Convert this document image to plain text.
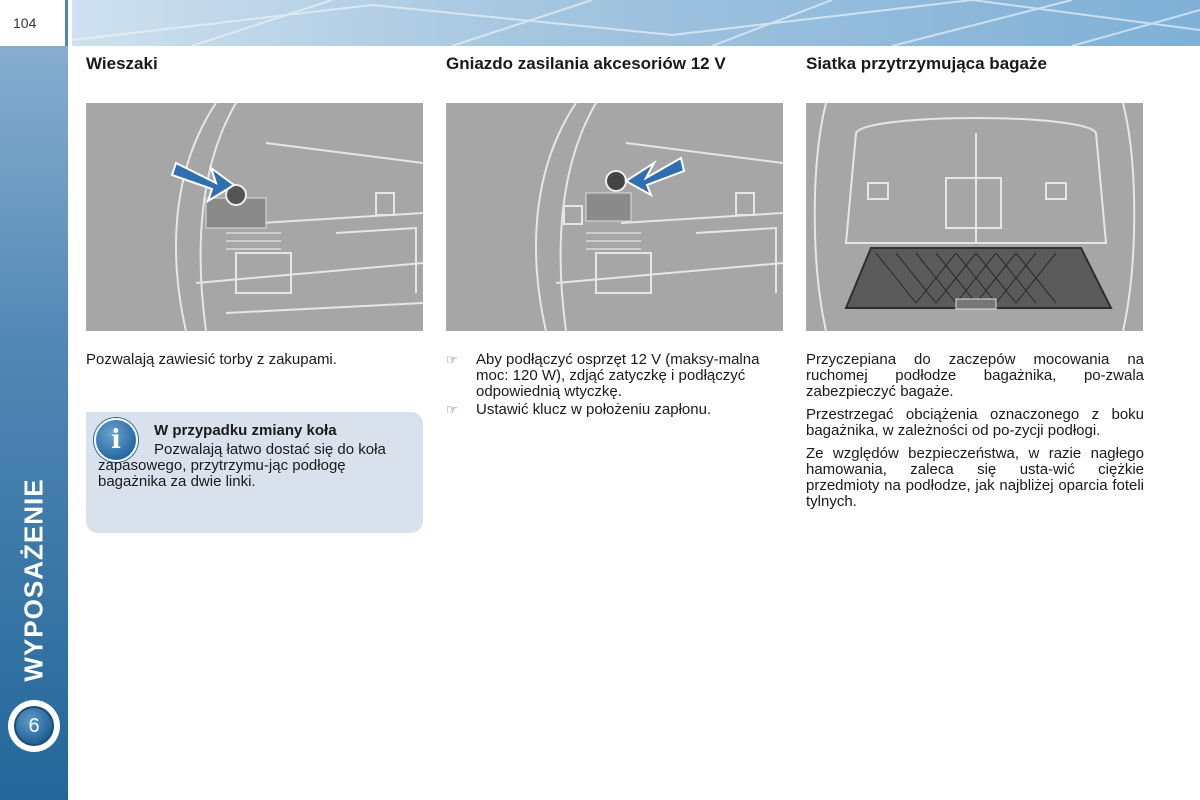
104
WYPOSAŻENIE
6
Wieszaki

Pozwalają zawiesić torby z zakupami.

i	W przypadku zmiany koła
Pozwalają łatwo dostać się do koła zapasowego, przytrzymu-jąc podłogę bagażnika za dwie linki.
Gniazdo zasilania akcesoriów 12 V
☞ Aby podłączyć osprzęt 12 V (maksy-malna moc: 120 W), zdjąć zatyczkę i podłączyć odpowiednią wtyczkę.
☞ Ustawić klucz w położeniu zapłonu.
Siatka przytrzymująca bagaże

Przyczepiana do zaczepów mocowania na ruchomej podłodze bagażnika, po-zwala zabezpieczyć bagaże.

Przestrzegać obciążenia oznaczonego z boku bagażnika, w zależności od po-zycji podłogi.

Ze względów bezpieczeństwa, w razie nagłego hamowania, zaleca się usta-wić ciężkie przedmioty na podłodze, jak najbliżej oparcia foteli tylnych.
